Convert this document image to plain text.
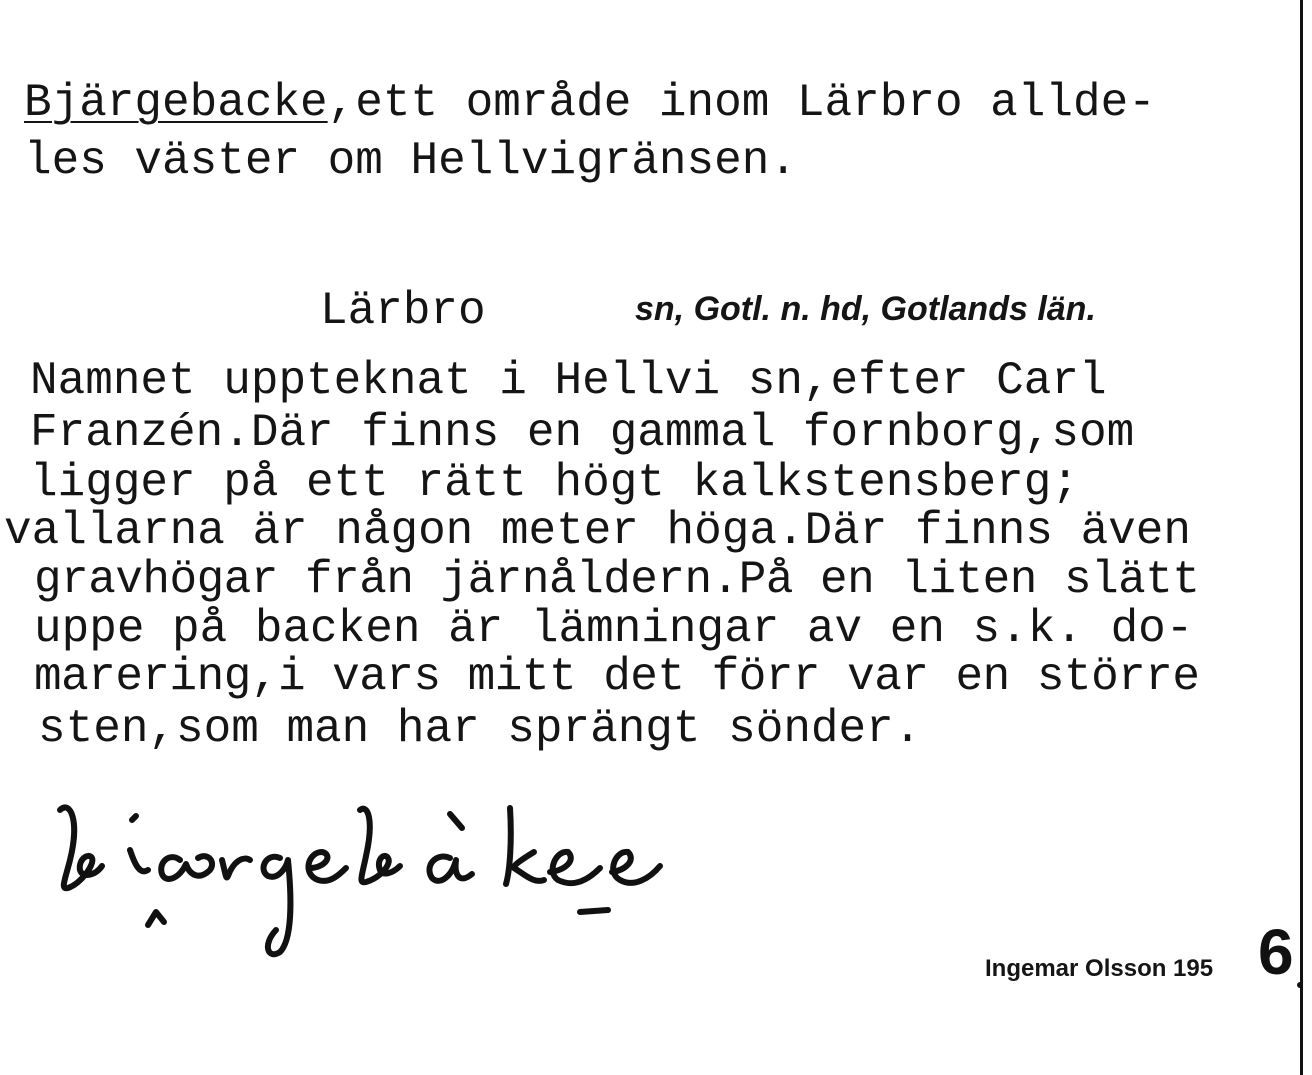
Bjärgebacke,ett område inom Lärbro allde-
les väster om Hellvigränsen.
Lärbro	sn, Gotl. n. hd, Gotlands län.
Namnet uppteknat i Hellvi sn,efter Carl
Franzén.Där finns en gammal fornborg,som
ligger på ett rätt högt kalkstensberg;
vallarna är någon meter höga.Där finns även
gravhögar från järnåldern.På en liten slätt
uppe på backen är lämningar av en s.k. do-
marering,i vars mitt det förr var en större
sten,som man har sprängt sönder.
Ingemar Olsson 195 6
